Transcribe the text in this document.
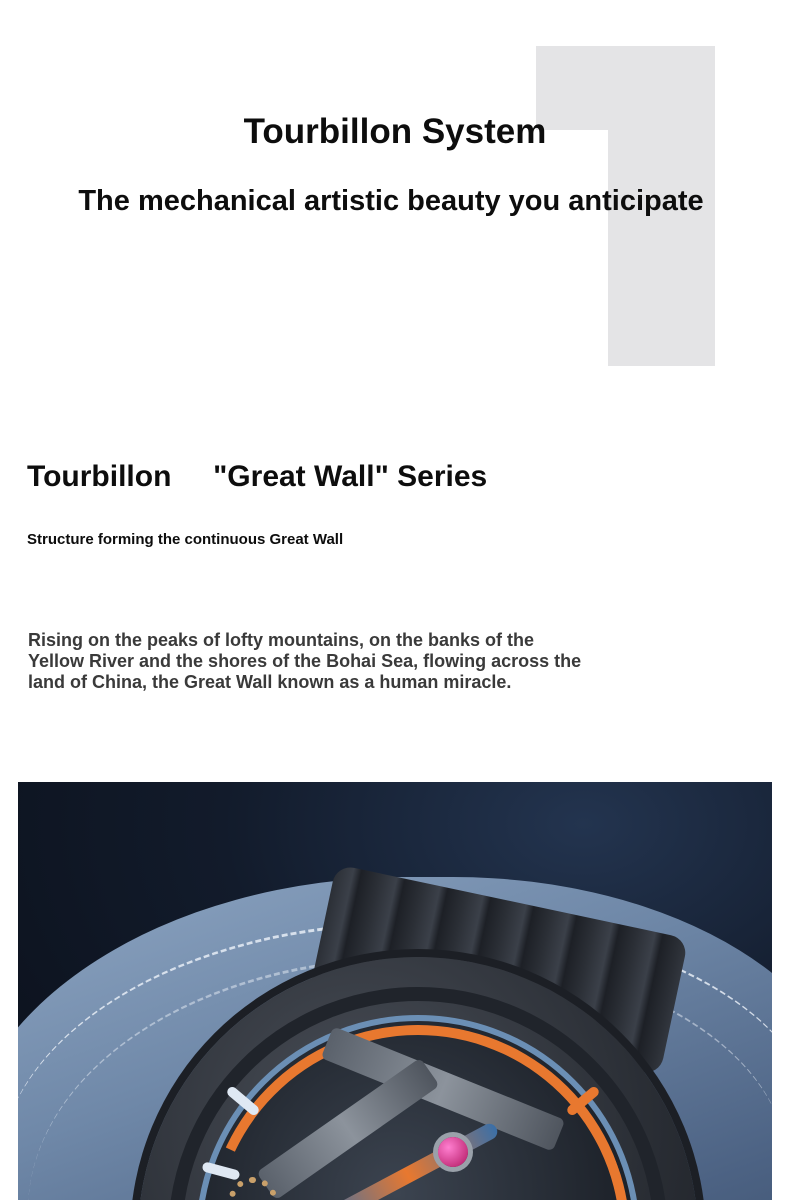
Tourbillon System
The mechanical artistic beauty you anticipate
Tourbillon     "Great Wall" Series

Structure forming the continuous Great Wall

Rising on the peaks of lofty mountains, on the banks of the Yellow River and the shores of the Bohai Sea, flowing across the land of China, the Great Wall known as a human miracle.
